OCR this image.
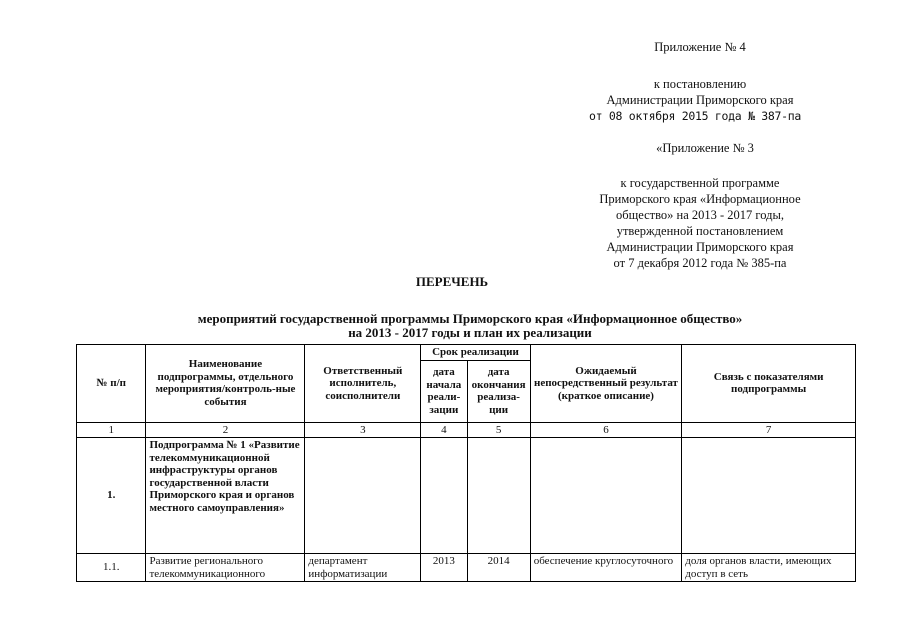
Приложение № 4
к постановлению
Администрации Приморского края
от 08 октября 2015 года № 387-па
«Приложение № 3
к государственной программе
Приморского края «Информационное
общество» на 2013 - 2017 годы,
утвержденной постановлением
Администрации Приморского края
от 7 декабря 2012 года № 385-па
ПЕРЕЧЕНЬ
мероприятий государственной программы Приморского края «Информационное общество»
на 2013 - 2017 годы и план их реализации
№ п/п	Наименование подпрограммы, отдельного мероприятия/контроль-ные события	Ответственный исполнитель, соисполнители	Срок реализации		Ожидаемый непосредственный результат (краткое описание)	Связь с показателями подпрограммы
			дата начала реали-зации	дата окончания реализа-ции		
1	2	3	4	5	6	7
1.	Подпрограмма № 1 «Развитие телекоммуникационной инфраструктуры органов государственной власти Приморского края и органов местного самоуправления»					
1.1.	Развитие регионального телекоммуникационного	департамент информатизации	2013	2014	обеспечение круглосуточного	доля органов власти, имеющих доступ в сеть
